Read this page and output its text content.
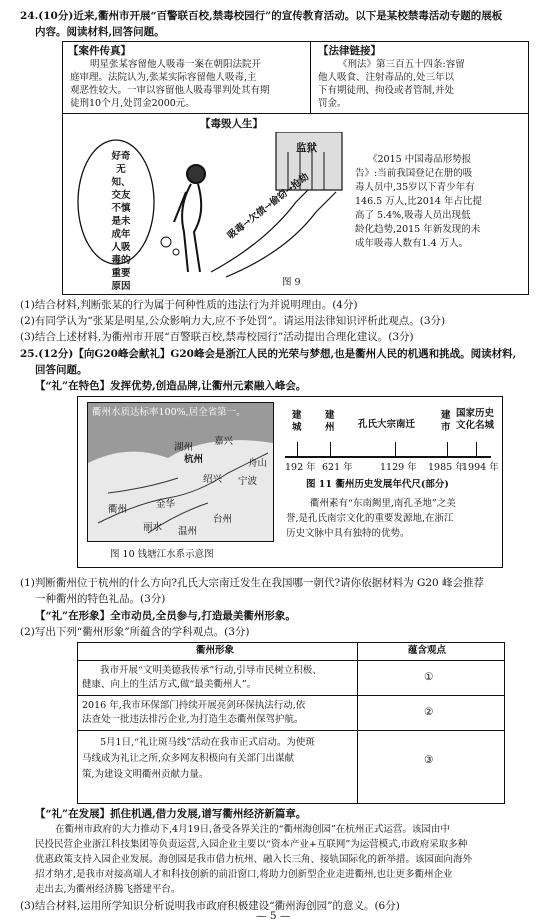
24.(10分)近来,衢州市开展“百警联百校,禁毒校园行”的宣传教育活动。以下是某校禁毒活动专题的展板
内容。阅读材料,回答问题。
【案件传真】
明星张某容留他人吸毒一案在朝阳法院开
庭审理。法院认为,张某实际容留他人吸毒,主
观恶性较大。一审以容留他人吸毒罪判处其有期
徒刑10个月,处罚金2000元。
【法律链接】
《刑法》第三百五十四条:容留
他人吸食、注射毒品的,处三年以
下有期徒刑、拘役或者管制,并处
罚金。
【毒毁人生】
好奇无
知、交友
不慎是未
成年人吸
毒的重要
原因
监狱
吸毒→欠债→偷窃→抢劫
《2015 中国毒品形势报
告》:当前我国登记在册的吸
毒人员中,35岁以下青少年有
146.5 万人,比2014 年占比提
高了 5.4%,吸毒人员出现低
龄化趋势,2015 年新发现的未
成年吸毒人数有1.4 万人。
图 9
(1)结合材料,判断张某的行为属于何种性质的违法行为并说明理由。(4分)
(2)有同学认为“张某是明星,公众影响力大,应不予处罚”。请运用法律知识评析此观点。(3分)
(3)结合上述材料,为衢州市开展“百警联百校,禁毒校园行”活动提出合理化建议。(3分)
25.(12分)【向G20峰会献礼】G20峰会是浙江人民的光荣与梦想,也是衢州人民的机遇和挑战。阅读材料,
回答问题。
【“礼”在特色】发挥优势,创造品牌,让衢州元素融入峰会。
衢州水质达标率100%,居全省第一。
杭州
湖州
嘉兴
绍兴 宁波
舟山
金华
台州
温州
丽水
衢州
图 10 钱塘江水系示意图
建城
建州 孔氏大宗南迁
建市
国家历史文化名城
192 年 621 年	1129 年 1985 年
1994 年
图 11 衢州历史发展年代尺(部分)
衢州素有“东南阙里,南孔圣地”之美
誉,是孔氏南宗文化的重要发源地,在浙江
历史文脉中具有独特的优势。
(1)判断衢州位于杭州的什么方向?孔氏大宗南迁发生在我国哪一朝代?请你依据材料为 G20 峰会推荐
一种衢州的特色礼品。(3分)
【“礼”在形象】全市动员,全员参与,打造最美衢州形象。
(2)写出下列“衢州形象”所蕴含的学科观点。(3分)
衢州形象	蕴含观点
我市开展“文明美德我传承”行动,引导市民树立积极、
健康、向上的生活方式,做“最美衢州人”。
①
2016 年,我市环保部门持续开展亮剑环保执法行动,依
法查处一批违法排污企业,为打造生态衢州保驾护航。
②
5月1日,“礼让斑马线”活动在我市正式启动。为使斑
马线成为礼让之所,众多网友积极向有关部门出谋献
策,为建设文明衢州贡献力量。
③
【“礼”在发展】抓住机遇,借力发展,谱写衢州经济新篇章。
在衢州市政府的大力推动下,4月19日,备受各界关注的“衢州海创园”在杭州正式运营。该园由中
民投民营企业浙江科技集团等负责运营,入园企业主要以“资本产业+互联网”为运营模式,市政府采取多种
优惠政策支持入园企业发展。海创园是我市借力杭州、融入长三角、接轨国际化的新举措。该园面向海外
招才纳才,是我市对接高端人才和科技创新的前沿窗口,将助力创新型企业走进衢州,也让更多衢州企业
走出去,为衢州经济腾飞搭建平台。
(3)结合材料,运用所学知识分析说明我市政府积极建设“衢州海创园”的意义。(6分)
— 5 —
